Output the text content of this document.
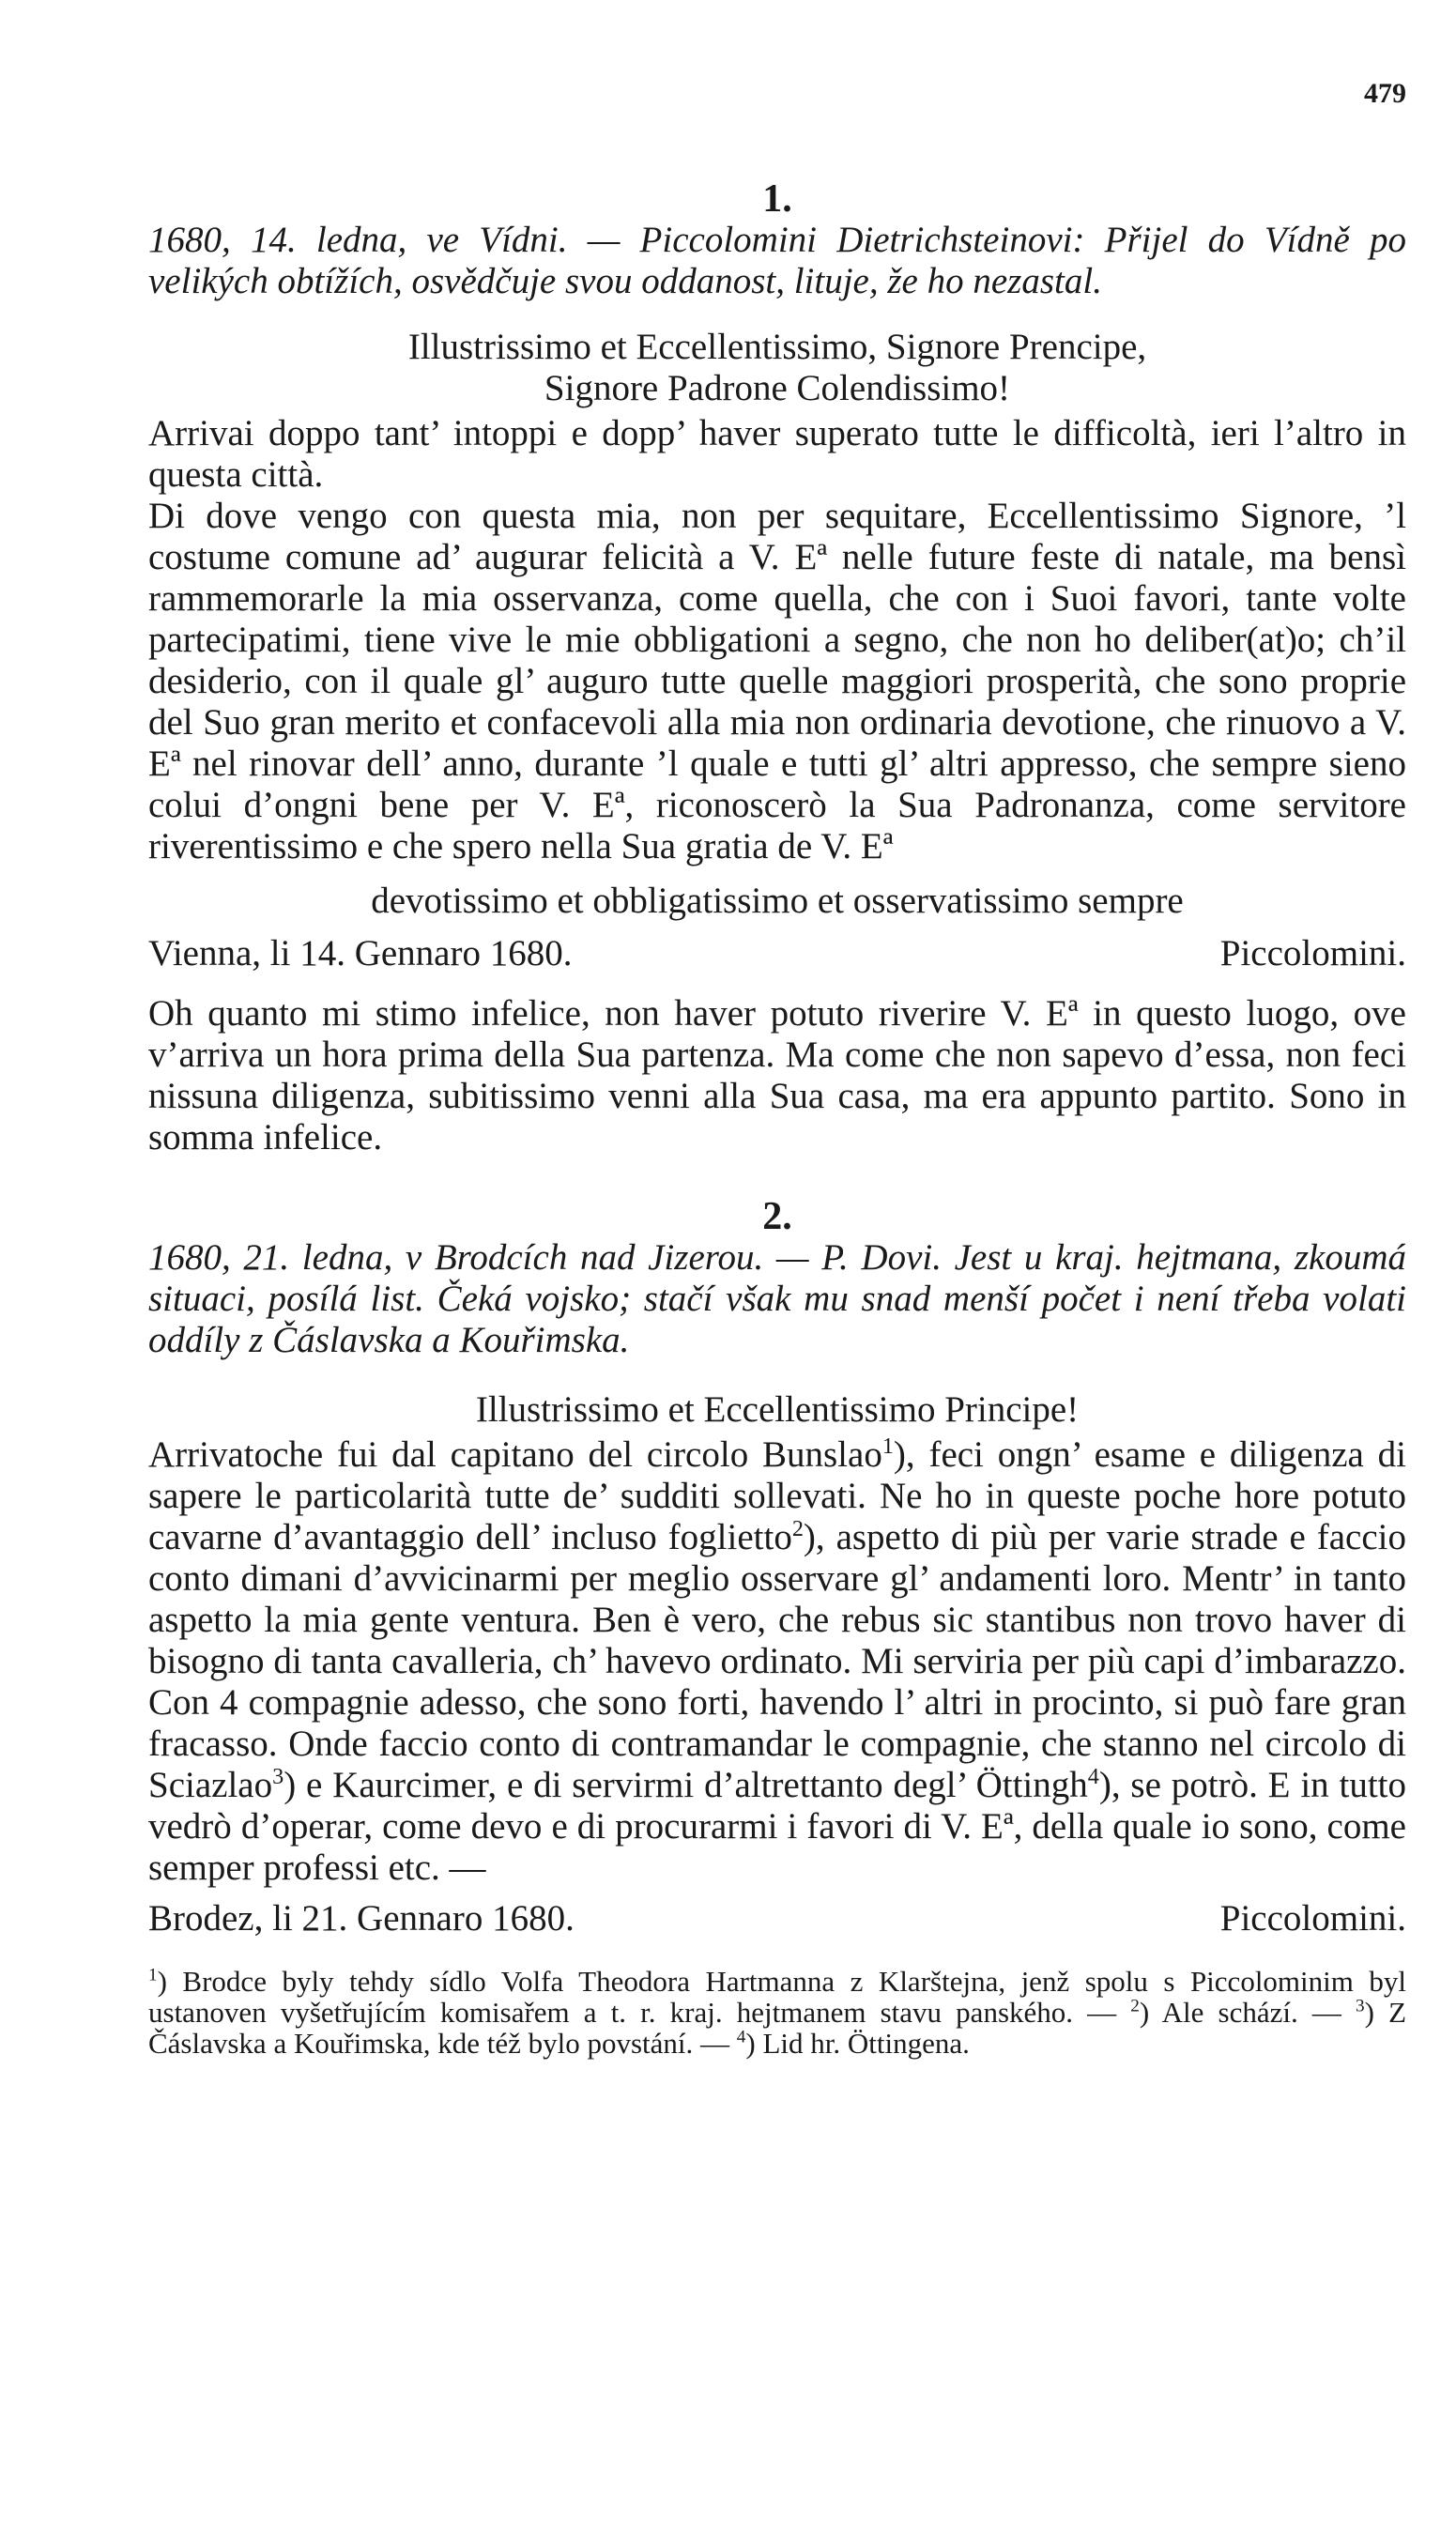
479
1.
1680, 14. ledna, ve Vídni. — Piccolomini Dietrichsteinovi: Přijel do Vídně po velikých obtížích, osvědčuje svou oddanost, lituje, že ho nezastal.
Illustrissimo et Eccellentissimo, Signore Prencipe,
Signore Padrone Colendissimo!
Arrivai doppo tant’ intoppi e dopp’ haver superato tutte le difficoltà, ieri l’altro in questa città.
Di dove vengo con questa mia, non per sequitare, Eccellentissimo Signore, ’l costume comune ad’ augurar felicità a V. Eª nelle future feste di natale, ma bensì rammemorarle la mia osservanza, come quella, che con i Suoi favori, tante volte partecipatimi, tiene vive le mie obbligationi a segno, che non ho deliber(at)o; ch’il desiderio, con il quale gl’ auguro tutte quelle maggiori prosperità, che sono proprie del Suo gran merito et confacevoli alla mia non ordinaria devotione, che rinuovo a V. Eª nel rinovar dell’ anno, durante ’l quale e tutti gl’ altri appresso, che sempre sieno colui d’ongni bene per V. Eª, riconoscerò la Sua Padronanza, come servitore riverentissimo e che spero nella Sua gratia de V. Eª
devotissimo et obbligatissimo et osservatissimo sempre
Vienna, li 14. Gennaro 1680.	Piccolomini.
Oh quanto mi stimo infelice, non haver potuto riverire V. Eª in questo luogo, ove v’arriva un hora prima della Sua partenza. Ma come che non sapevo d’essa, non feci nissuna diligenza, subitissimo venni alla Sua casa, ma era appunto partito. Sono in somma infelice.
2.
1680, 21. ledna, v Brodcích nad Jizerou. — P. Dovi. Jest u kraj. hejtmana, zkoumá situaci, posílá list. Čeká vojsko; stačí však mu snad menší počet i není třeba volati oddíly z Čáslavska a Kouřimska.
Illustrissimo et Eccellentissimo Principe!
Arrivatoche fui dal capitano del circolo Bunslao$^1$), feci ongn’ esame e diligenza di sapere le particolarità tutte de’ sudditi sollevati. Ne ho in queste poche hore potuto cavarne d’avantaggio dell’ incluso foglietto$^2$), aspetto di più per varie strade e faccio conto dimani d’avvicinarmi per meglio osservare gl’ andamenti loro. Mentr’ in tanto aspetto la mia gente ventura. Ben è vero, che rebus sic stantibus non trovo haver di bisogno di tanta cavalleria, ch’ havevo ordinato. Mi serviria per più capi d’imbarazzo. Con 4 compagnie adesso, che sono forti, havendo l’ altri in procinto, si può fare gran fracasso. Onde faccio conto di contramandar le compagnie, che stanno nel circolo di Sciazlao$^3$) e Kaurcimer, e di servirmi d’altrettanto degl’ Öttingh$^4$), se potrò. E in tutto vedrò d’operar, come devo e di procurarmi i favori di V. Eª, della quale io sono, come semper professi etc. —
Brodez, li 21. Gennaro 1680.	Piccolomini.
$^1$) Brodce byly tehdy sídlo Volfa Theodora Hartmanna z Klarštejna, jenž spolu s Piccolominim byl ustanoven vyšetřujícím komisařem a t. r. kraj. hejtmanem stavu panského. — $^2$) Ale schází. — $^3$) Z Čáslavska a Kouřimska, kde též bylo povstání. — $^4$) Lid hr. Öttingena.
